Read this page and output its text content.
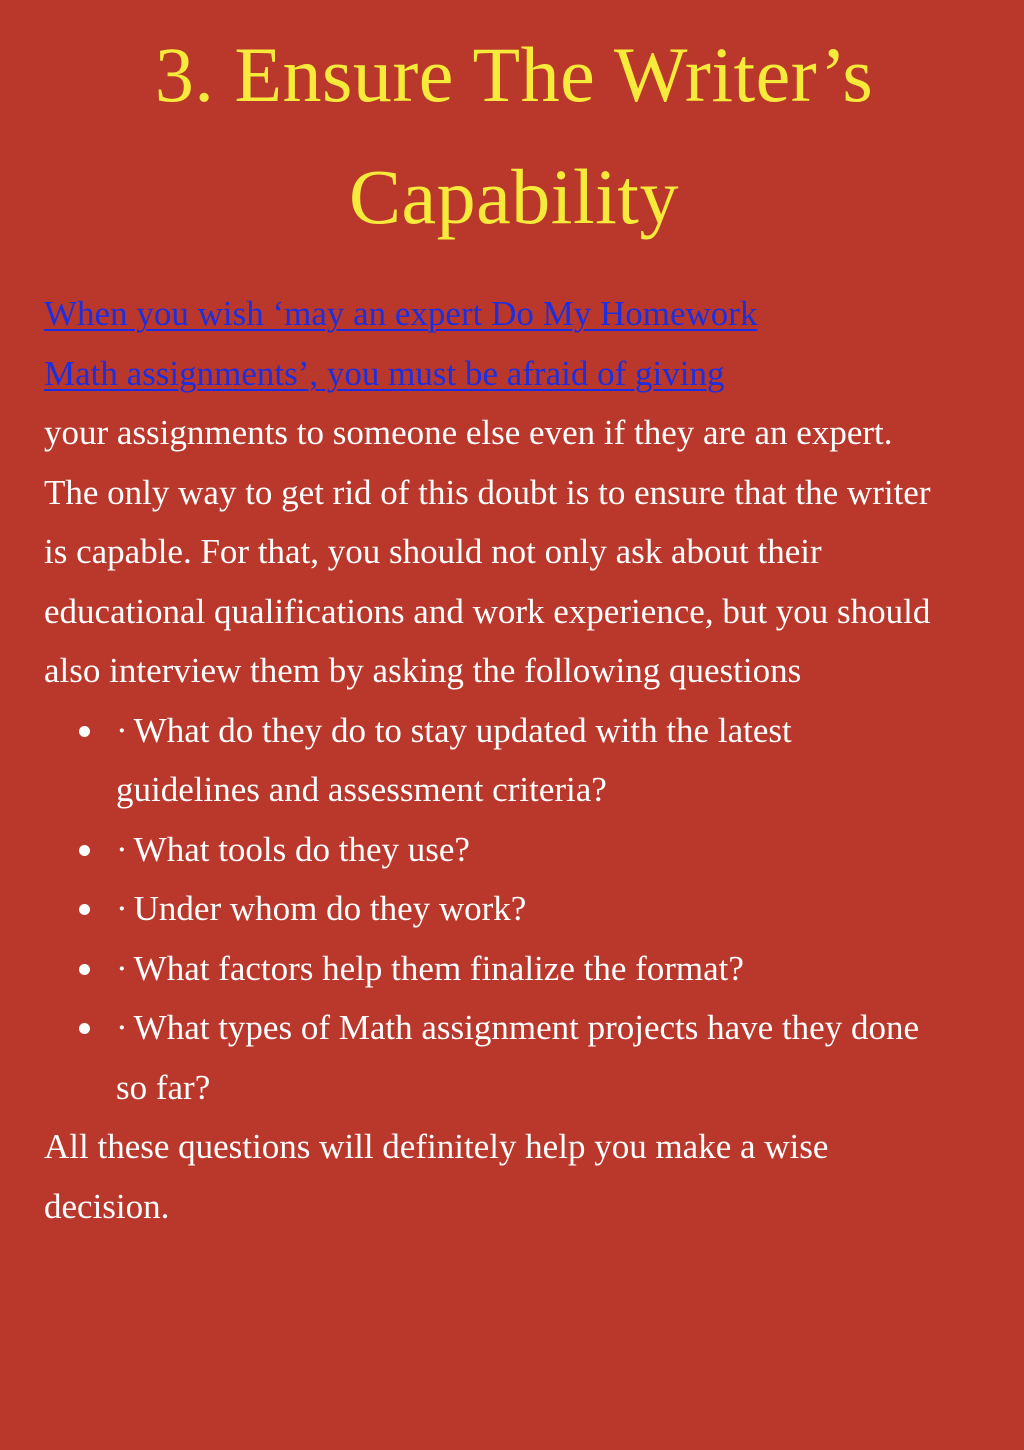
3. Ensure The Writer’s
Capability

When you wish ‘may an expert Do My Homework
Math assignments’, you must be afraid of giving
your assignments to someone else even if they are an expert. The only way to get rid of this doubt is to ensure that the writer is capable. For that, you should not only ask about their educational qualifications and work experience, but you should also interview them by asking the following questions

· What do they do to stay updated with the latest guidelines and assessment criteria?
· What tools do they use?
· Under whom do they work?
· What factors help them finalize the format?
· What types of Math assignment projects have they done so far?

All these questions will definitely help you make a wise decision.
